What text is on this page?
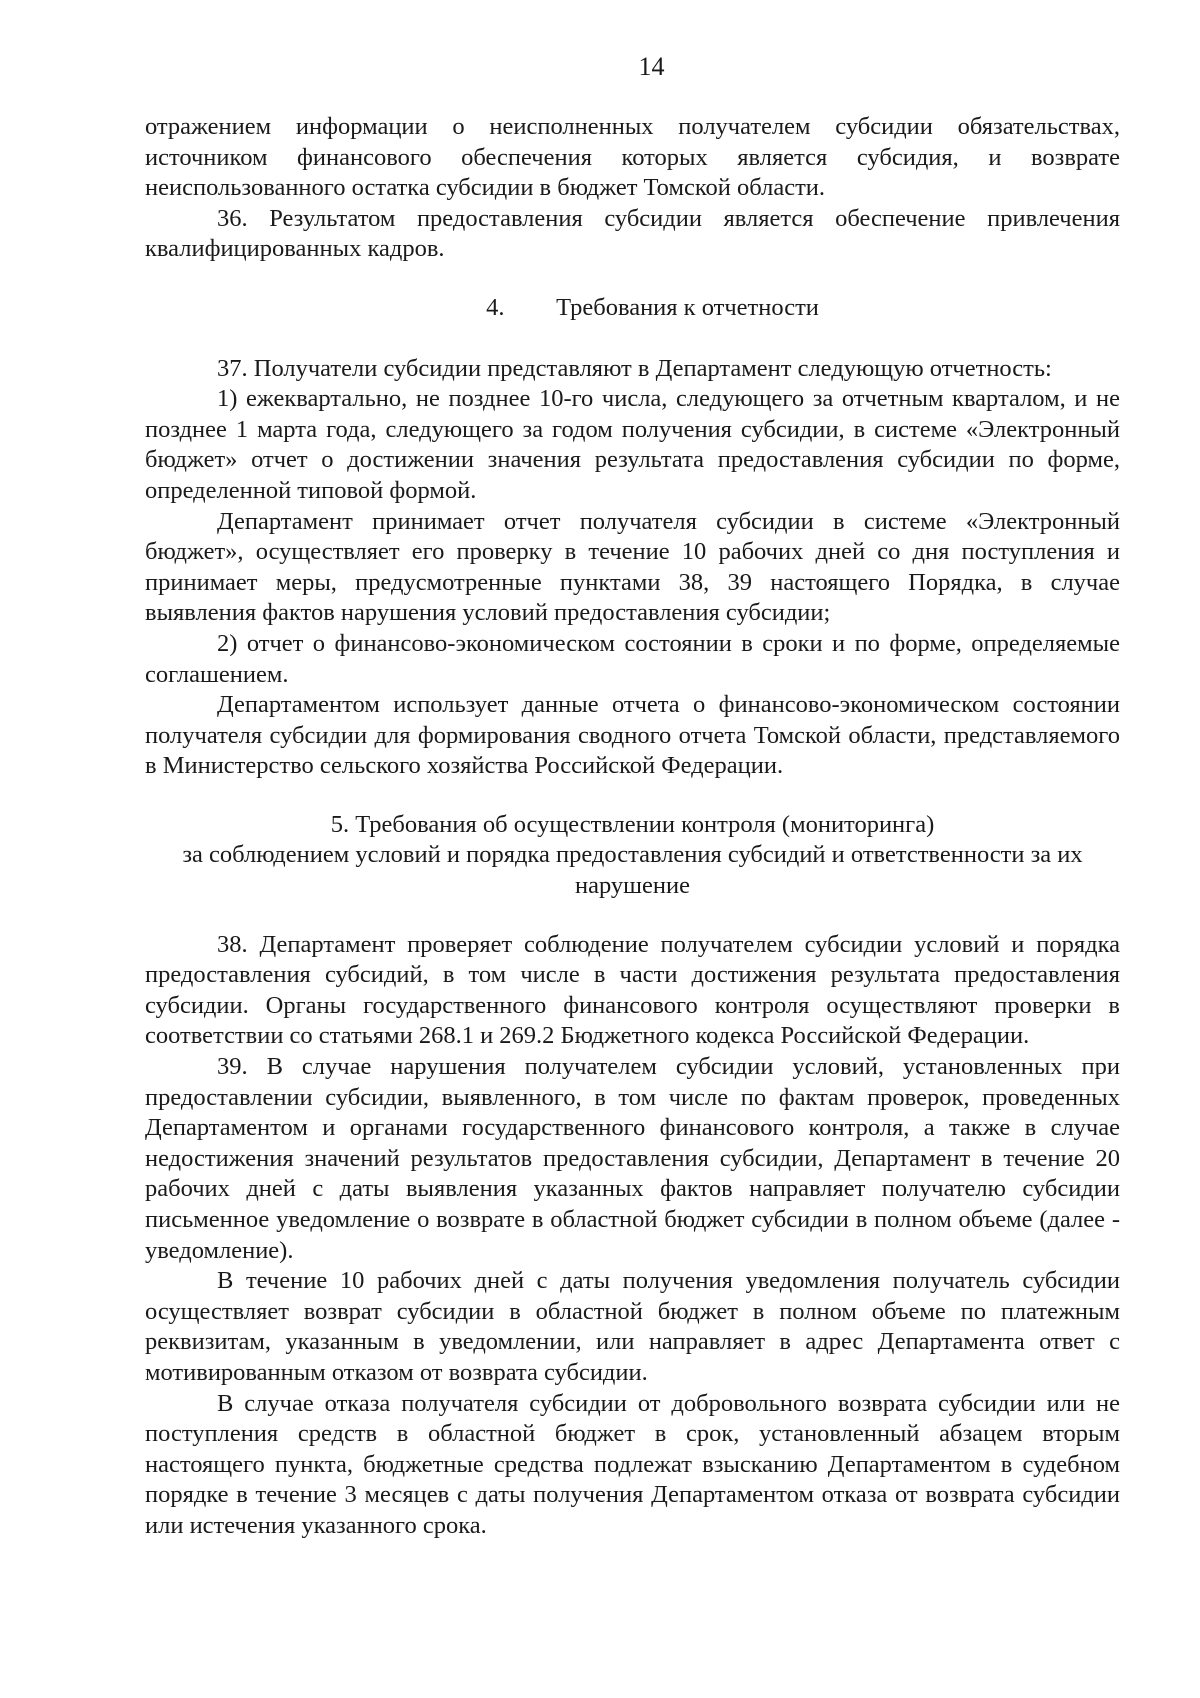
14

отражением информации о неисполненных получателем субсидии обязательствах, источником финансового обеспечения которых является субсидия, и возврате неиспользованного остатка субсидии в бюджет Томской области.

36. Результатом предоставления субсидии является обеспечение привлечения квалифицированных кадров.

4. Требования к отчетности

37. Получатели субсидии представляют в Департамент следующую отчетность:

1) ежеквартально, не позднее 10-го числа, следующего за отчетным кварталом, и не позднее 1 марта года, следующего за годом получения субсидии, в системе «Электронный бюджет» отчет о достижении значения результата предоставления субсидии по форме, определенной типовой формой.

Департамент принимает отчет получателя субсидии в системе «Электронный бюджет», осуществляет его проверку в течение 10 рабочих дней со дня поступления и принимает меры, предусмотренные пунктами 38, 39 настоящего Порядка, в случае выявления фактов нарушения условий предоставления субсидии;

2) отчет о финансово-экономическом состоянии в сроки и по форме, определяемые соглашением.

Департаментом использует данные отчета о финансово-экономическом состоянии получателя субсидии для формирования сводного отчета Томской области, представляемого в Министерство сельского хозяйства Российской Федерации.

5. Требования об осуществлении контроля (мониторинга)
за соблюдением условий и порядка предоставления субсидий и ответственности за их
нарушение

38. Департамент проверяет соблюдение получателем субсидии условий и порядка предоставления субсидий, в том числе в части достижения результата предоставления субсидии. Органы государственного финансового контроля осуществляют проверки в соответствии со статьями 268.1 и 269.2 Бюджетного кодекса Российской Федерации.

39. В случае нарушения получателем субсидии условий, установленных при предоставлении субсидии, выявленного, в том числе по фактам проверок, проведенных Департаментом и органами государственного финансового контроля, а также в случае недостижения значений результатов предоставления субсидии, Департамент в течение 20 рабочих дней с даты выявления указанных фактов направляет получателю субсидии письменное уведомление о возврате в областной бюджет субсидии в полном объеме (далее - уведомление).

В течение 10 рабочих дней с даты получения уведомления получатель субсидии осуществляет возврат субсидии в областной бюджет в полном объеме по платежным реквизитам, указанным в уведомлении, или направляет в адрес Департамента ответ с мотивированным отказом от возврата субсидии.

В случае отказа получателя субсидии от добровольного возврата субсидии или не поступления средств в областной бюджет в срок, установленный абзацем вторым настоящего пункта, бюджетные средства подлежат взысканию Департаментом в судебном порядке в течение 3 месяцев с даты получения Департаментом отказа от возврата субсидии или истечения указанного срока.
